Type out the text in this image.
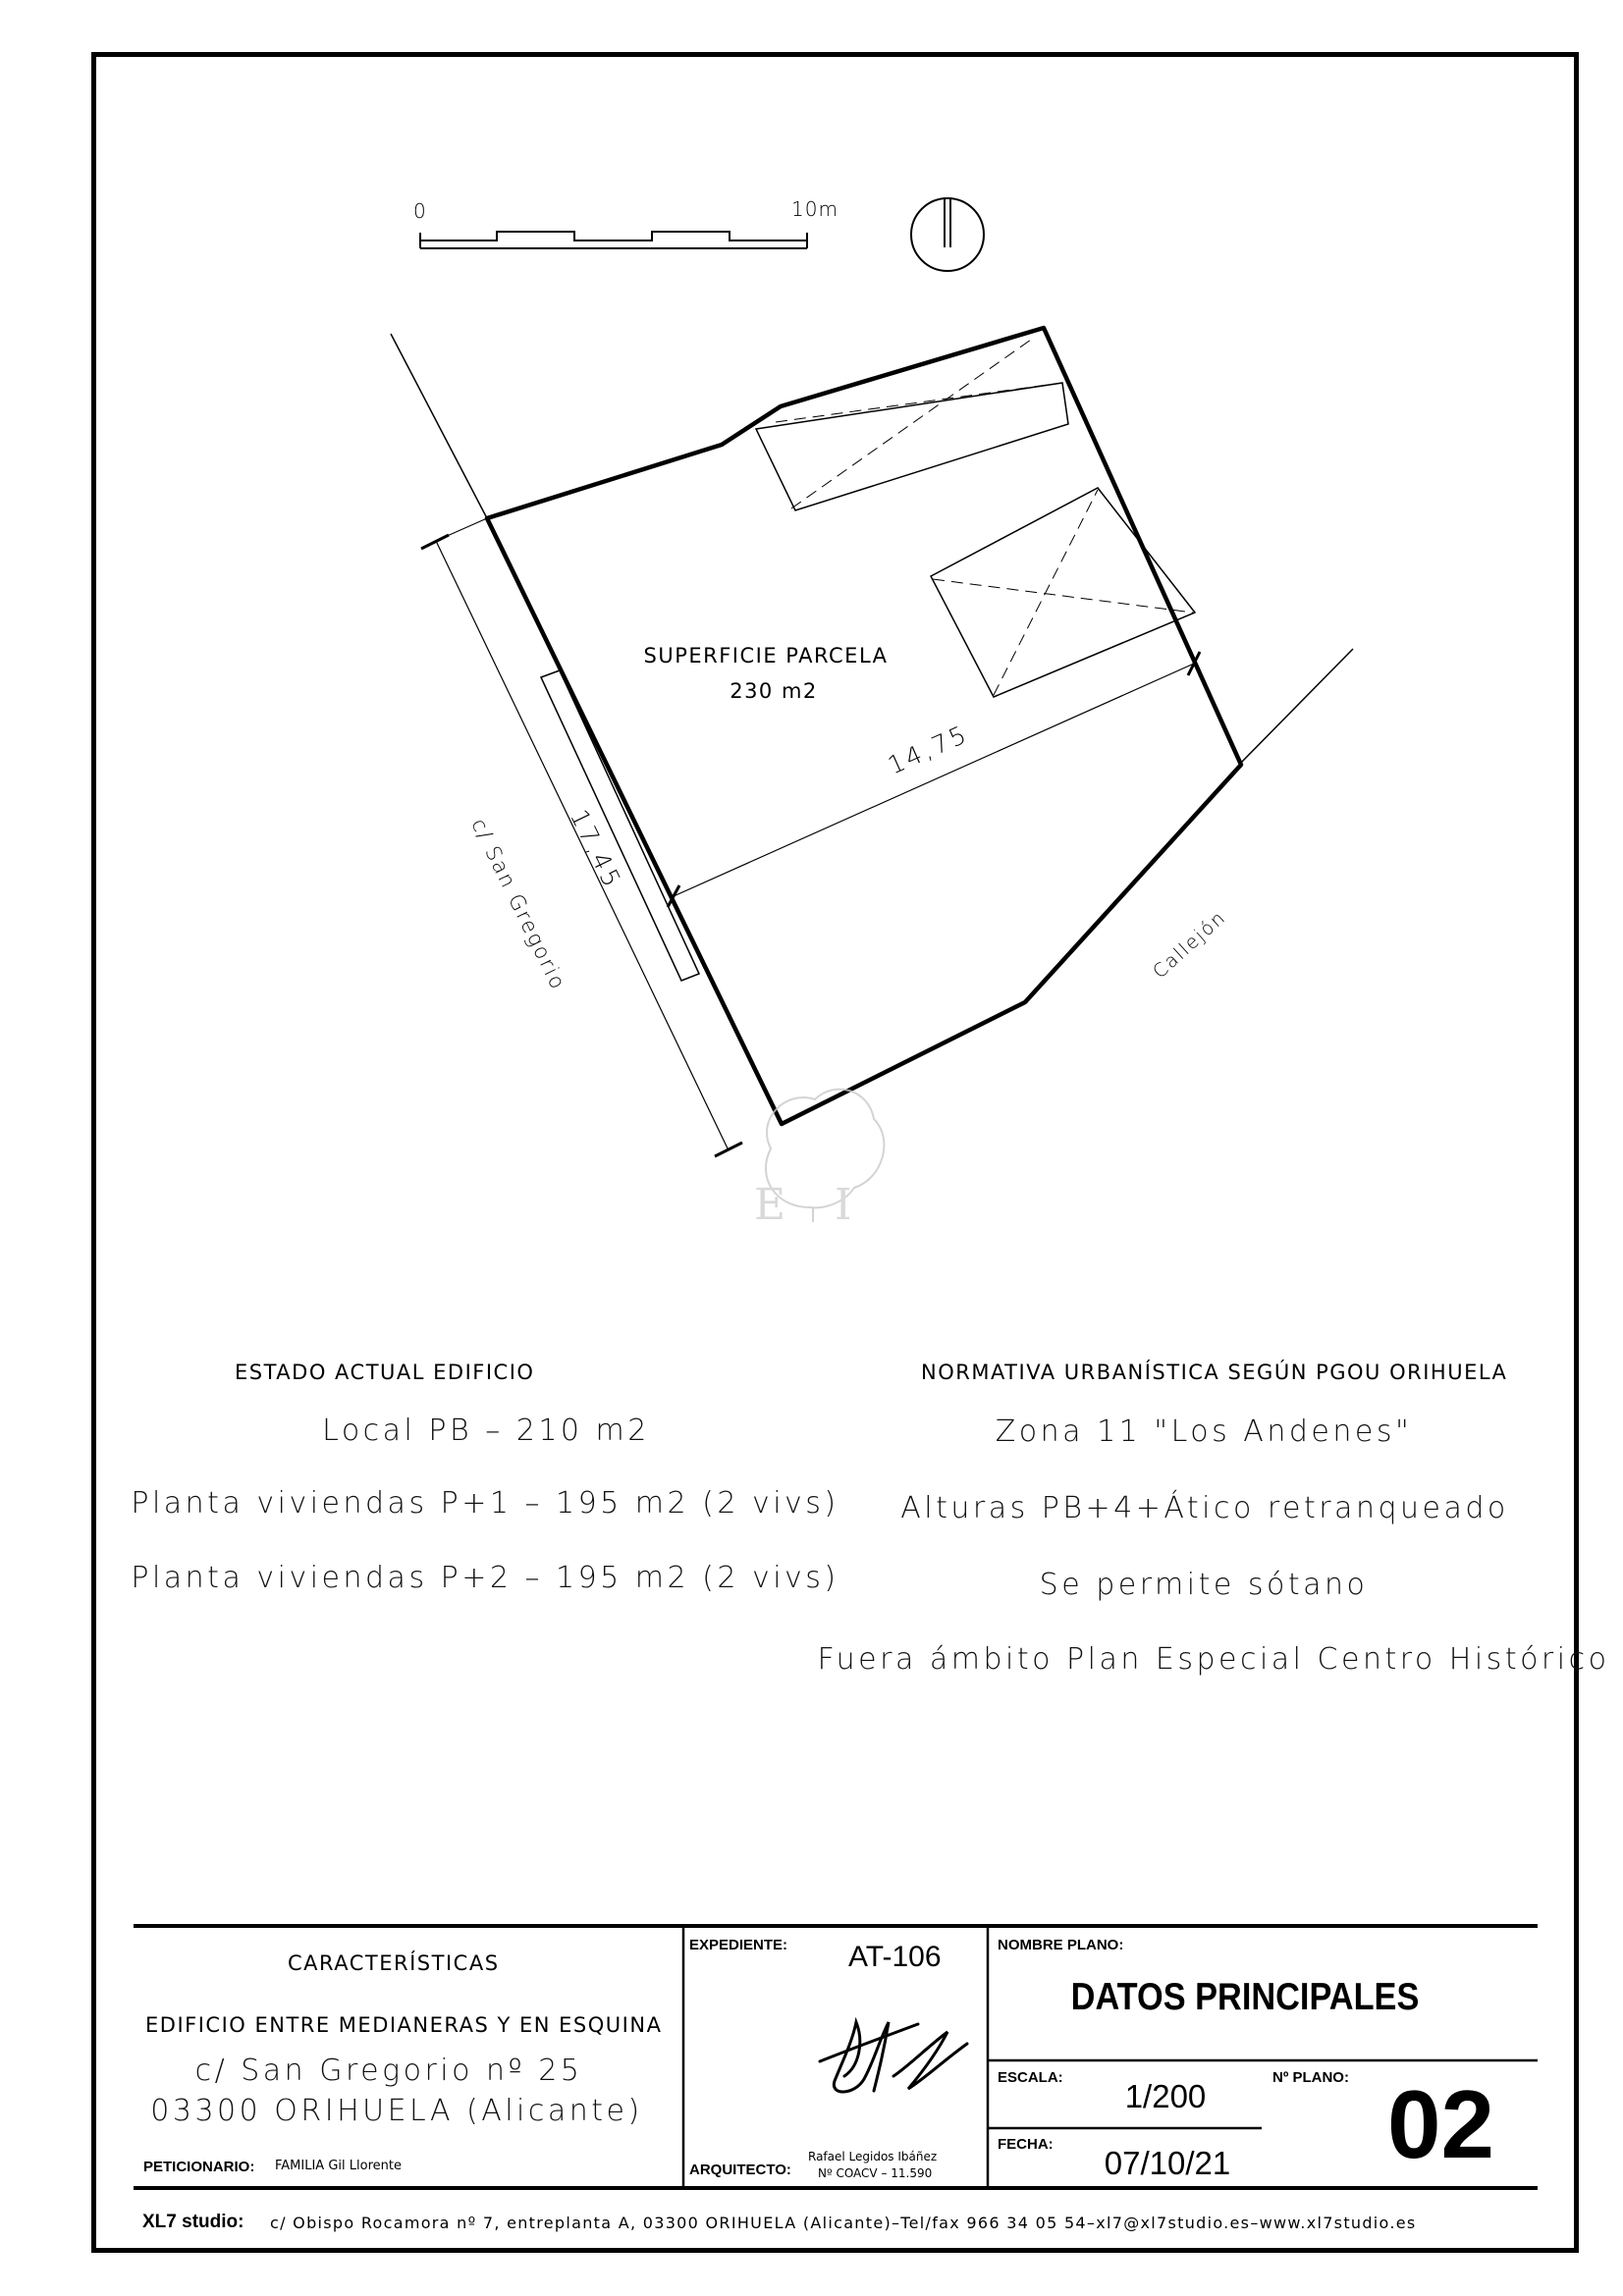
E I
0	10m
SUPERFICIE PARCELA
230 m2
14,75
17,45
c/ San Gregorio	Callejón
ESTADO ACTUAL EDIFICIO
Local PB – 210 m2
Planta viviendas P+1 – 195 m2 (2 vivs)
Planta viviendas P+2 – 195 m2 (2 vivs)
NORMATIVA URBANÍSTICA SEGÚN PGOU ORIHUELA
Zona 11 "Los Andenes"
Alturas PB+4+Ático retranqueado
Se permite sótano
Fuera ámbito Plan Especial Centro Histórico
CARACTERÍSTICAS
EDIFICIO ENTRE MEDIANERAS Y EN ESQUINA
c/ San Gregorio nº 25
03300 ORIHUELA (Alicante)
PETICIONARIO: FAMILIA Gil Llorente
EXPEDIENTE: AT-106
ARQUITECTO:
Rafael Legidos Ibáñez
Nº COACV – 11.590
NOMBRE PLANO:
DATOS PRINCIPALES
ESCALA:
1/200
Nº PLANO: 02
FECHA:
07/10/21
XL7 studio: c/ Obispo Rocamora nº 7, entreplanta A, 03300 ORIHUELA (Alicante)–Tel/fax 966 34 05 54–xl7@xl7studio.es–www.xl7studio.es
